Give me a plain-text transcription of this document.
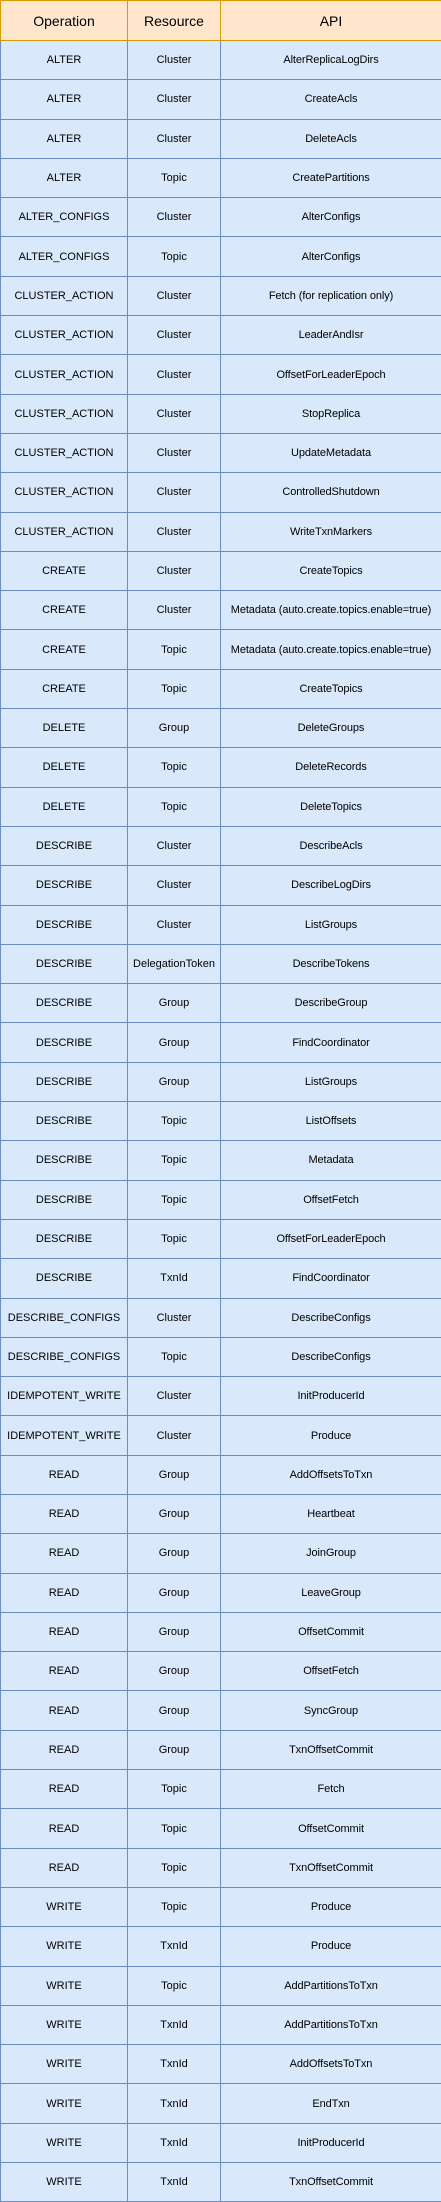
Operation	Resource	API
ALTER	Cluster	AlterReplicaLogDirs
ALTER	Cluster	CreateAcls
ALTER	Cluster	DeleteAcls
ALTER	Topic	CreatePartitions
ALTER_CONFIGS	Cluster	AlterConfigs
ALTER_CONFIGS	Topic	AlterConfigs
CLUSTER_ACTION	Cluster	Fetch (for replication only)
CLUSTER_ACTION	Cluster	LeaderAndIsr
CLUSTER_ACTION	Cluster	OffsetForLeaderEpoch
CLUSTER_ACTION	Cluster	StopReplica
CLUSTER_ACTION	Cluster	UpdateMetadata
CLUSTER_ACTION	Cluster	ControlledShutdown
CLUSTER_ACTION	Cluster	WriteTxnMarkers
CREATE	Cluster	CreateTopics
CREATE	Cluster	Metadata (auto.create.topics.enable=true)
CREATE	Topic	Metadata (auto.create.topics.enable=true)
CREATE	Topic	CreateTopics
DELETE	Group	DeleteGroups
DELETE	Topic	DeleteRecords
DELETE	Topic	DeleteTopics
DESCRIBE	Cluster	DescribeAcls
DESCRIBE	Cluster	DescribeLogDirs
DESCRIBE	Cluster	ListGroups
DESCRIBE	DelegationToken	DescribeTokens
DESCRIBE	Group	DescribeGroup
DESCRIBE	Group	FindCoordinator
DESCRIBE	Group	ListGroups
DESCRIBE	Topic	ListOffsets
DESCRIBE	Topic	Metadata
DESCRIBE	Topic	OffsetFetch
DESCRIBE	Topic	OffsetForLeaderEpoch
DESCRIBE	TxnId	FindCoordinator
DESCRIBE_CONFIGS	Cluster	DescribeConfigs
DESCRIBE_CONFIGS	Topic	DescribeConfigs
IDEMPOTENT_WRITE	Cluster	InitProducerId
IDEMPOTENT_WRITE	Cluster	Produce
READ	Group	AddOffsetsToTxn
READ	Group	Heartbeat
READ	Group	JoinGroup
READ	Group	LeaveGroup
READ	Group	OffsetCommit
READ	Group	OffsetFetch
READ	Group	SyncGroup
READ	Group	TxnOffsetCommit
READ	Topic	Fetch
READ	Topic	OffsetCommit
READ	Topic	TxnOffsetCommit
WRITE	Topic	Produce
WRITE	TxnId	Produce
WRITE	Topic	AddPartitionsToTxn
WRITE	TxnId	AddPartitionsToTxn
WRITE	TxnId	AddOffsetsToTxn
WRITE	TxnId	EndTxn
WRITE	TxnId	InitProducerId
WRITE	TxnId	TxnOffsetCommit
